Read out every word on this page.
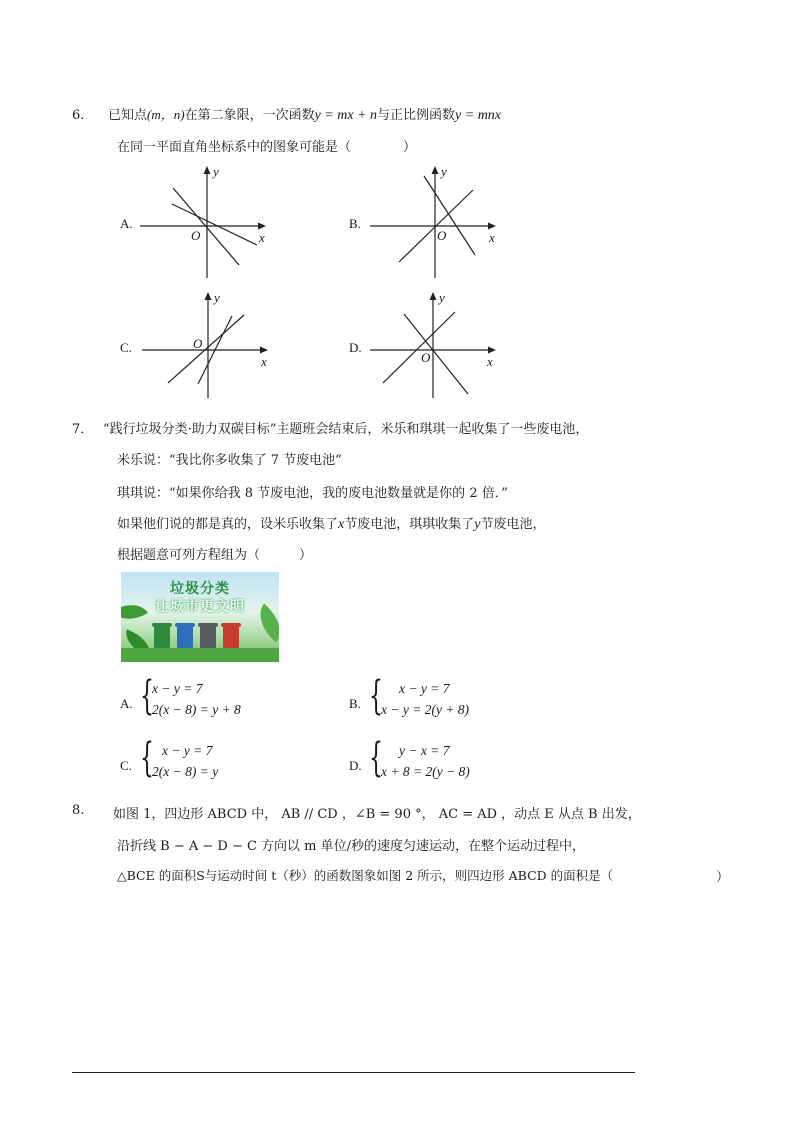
6． 已知点(m，n)在第二象限，一次函数y = mx + n与正比例函数y = mnx
在同一平面直角坐标系中的图象可能是（　　　　）
A.
x
y
O
B.
x
y
O
C.
x
y
O	D.
x
y
O
7． “践行垃圾分类·助力双碳目标”主题班会结束后，米乐和琪琪一起收集了一些废电池，
米乐说：“我比你多收集了 7 节废电池”
琪琪说：“如果你给我 8 节废电池，我的废电池数量就是你的 2 倍．”
如果他们说的都是真的，设米乐收集了x节废电池，琪琪收集了y节废电池，
根据题意可列方程组为（　　　）
垃圾分类
让城市更文明
A. {
x − y = 7
2(x − 8) = y + 8	B. { x − y = 7
x − y = 2(y + 8)
C. { x − y = 7
2(x − 8) = y	D. { y − x = 7
x + 8 = 2(y − 8)
8. 如图 1，四边形 ABCD 中， AB // CD ，∠B = 90 °， AC = AD ，动点 E 从点 B 出发，
沿折线 B − A − D − C 方向以 m 单位/秒的速度匀速运动，在整个运动过程中，
△BCE 的面积S与运动时间 t（秒）的函数图象如图 2 所示，则四边形 ABCD 的面积是（	）
